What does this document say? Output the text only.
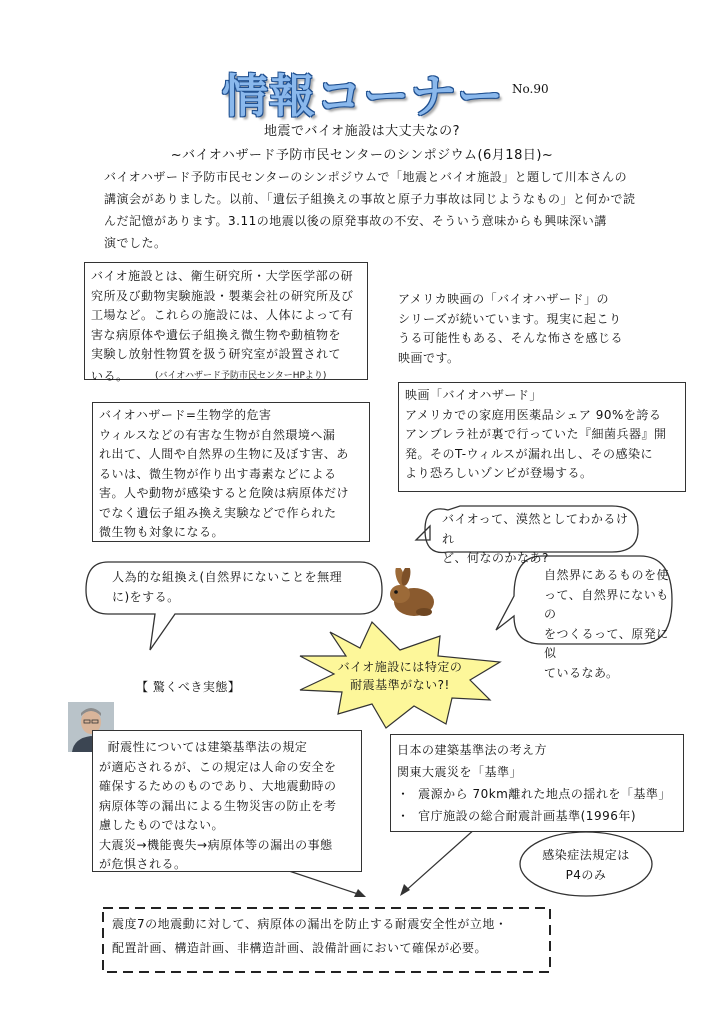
情報コーナー No.90
地震でバイオ施設は大丈夫なの?
~バイオハザード予防市民センターのシンポジウム(6月18日)~
バイオハザード予防市民センターのシンポジウムで「地震とバイオ施設」と題して川本さんの
講演会がありました。以前、「遺伝子組換えの事故と原子力事故は同じようなもの」と何かで読
んだ記憶があります。3.11の地震以後の原発事故の不安、そういう意味からも興味深い講
演でした。
バイオ施設とは、衛生研究所・大学医学部の研
究所及び動物実験施設・製薬会社の研究所及び
工場など。これらの施設には、人体によって有
害な病原体や遺伝子組換え微生物や動植物を
実験し放射性物質を扱う研究室が設置されて
いる。	(バイオハザード予防市民センターHPより)
アメリカ映画の「バイオハザード」の
シリーズが続いています。現実に起こり
うる可能性もある、そんな怖さを感じる
映画です。
映画「バイオハザード」
アメリカでの家庭用医薬品シェア 90%を誇る
アンブレラ社が裏で行っていた『細菌兵器』開
発。そのT-ウィルスが漏れ出し、その感染に
より恐ろしいゾンビが登場する。
バイオハザード=生物学的危害
ウィルスなどの有害な生物が自然環境へ漏
れ出て、人間や自然界の生物に及ぼす害、あ
るいは、微生物が作り出す毒素などによる
害。人や動物が感染すると危険は病原体だけ
でなく遺伝子組み換え実験などで作られた
微生物も対象になる。
バイオって、漠然としてわかるけれ
ど、何なのかなあ?
人為的な組換え(自然界にないことを無理
に)をする。
自然界にあるものを使
って、自然界にないもの
をつくるって、原発に似
ているなあ。
バイオ施設には特定の
耐震基準がない?!
【 驚くべき実態】
耐震性については建築基準法の規定
が適応されるが、この規定は人命の安全を
確保するためのものであり、大地震動時の
病原体等の漏出による生物災害の防止を考
慮したものではない。
大震災→機能喪失→病原体等の漏出の事態
が危惧される。
日本の建築基準法の考え方
関東大震災を「基準」
・  震源から 70km離れた地点の揺れを「基準」
・  官庁施設の総合耐震計画基準(1996年)
感染症法規定は
P4のみ
震度7の地震動に対して、病原体の漏出を防止する耐震安全性が立地・
配置計画、構造計画、非構造計画、設備計画において確保が必要。
